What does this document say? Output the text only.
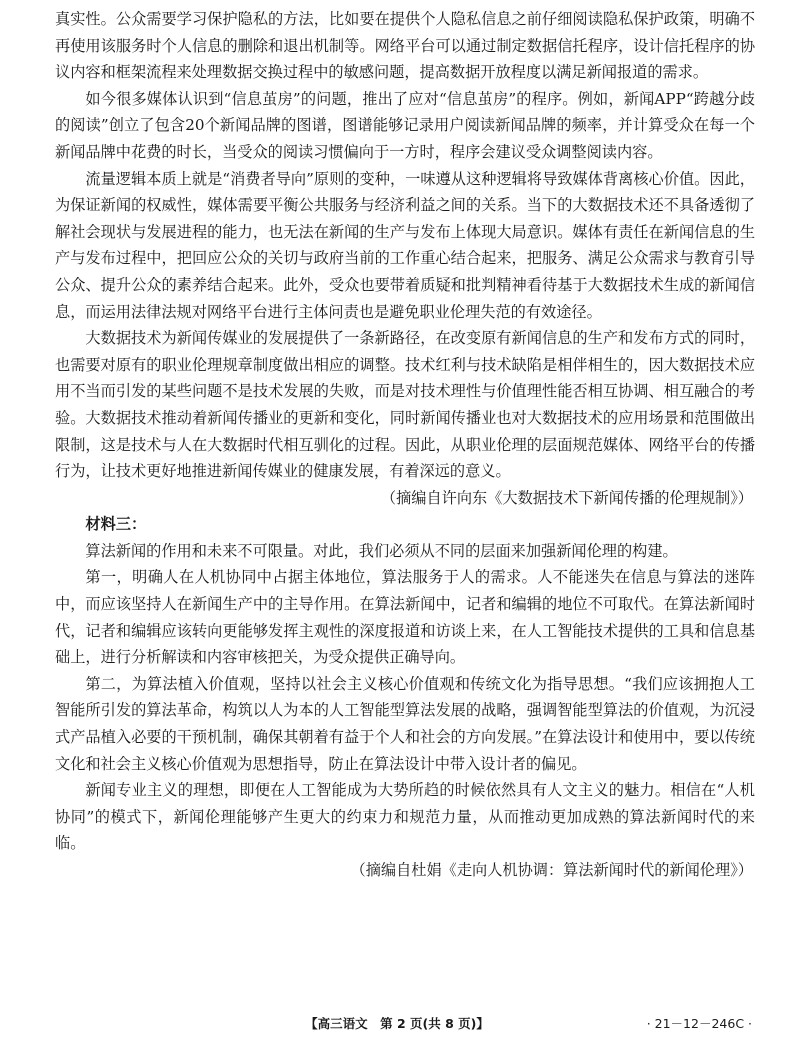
真实性。公众需要学习保护隐私的方法，比如要在提供个人隐私信息之前仔细阅读隐私保护政策，明确不再使用该服务时个人信息的删除和退出机制等。网络平台可以通过制定数据信托程序，设计信托程序的协议内容和框架流程来处理数据交换过程中的敏感问题，提高数据开放程度以满足新闻报道的需求。

如今很多媒体认识到“信息茧房”的问题，推出了应对“信息茧房”的程序。例如，新闻APP“跨越分歧的阅读”创立了包含20个新闻品牌的图谱，图谱能够记录用户阅读新闻品牌的频率，并计算受众在每一个新闻品牌中花费的时长，当受众的阅读习惯偏向于一方时，程序会建议受众调整阅读内容。

流量逻辑本质上就是“消费者导向”原则的变种，一味遵从这种逻辑将导致媒体背离核心价值。因此，为保证新闻的权威性，媒体需要平衡公共服务与经济利益之间的关系。当下的大数据技术还不具备透彻了解社会现状与发展进程的能力，也无法在新闻的生产与发布上体现大局意识。媒体有责任在新闻信息的生产与发布过程中，把回应公众的关切与政府当前的工作重心结合起来，把服务、满足公众需求与教育引导公众、提升公众的素养结合起来。此外，受众也要带着质疑和批判精神看待基于大数据技术生成的新闻信息，而运用法律法规对网络平台进行主体问责也是避免职业伦理失范的有效途径。

大数据技术为新闻传媒业的发展提供了一条新路径，在改变原有新闻信息的生产和发布方式的同时，也需要对原有的职业伦理规章制度做出相应的调整。技术红利与技术缺陷是相伴相生的，因大数据技术应用不当而引发的某些问题不是技术发展的失败，而是对技术理性与价值理性能否相互协调、相互融合的考验。大数据技术推动着新闻传播业的更新和变化，同时新闻传播业也对大数据技术的应用场景和范围做出限制，这是技术与人在大数据时代相互驯化的过程。因此，从职业伦理的层面规范媒体、网络平台的传播行为，让技术更好地推进新闻传媒业的健康发展，有着深远的意义。

（摘编自许向东《大数据技术下新闻传播的伦理规制》）

材料三：

算法新闻的作用和未来不可限量。对此，我们必须从不同的层面来加强新闻伦理的构建。

第一，明确人在人机协同中占据主体地位，算法服务于人的需求。人不能迷失在信息与算法的迷阵中，而应该坚持人在新闻生产中的主导作用。在算法新闻中，记者和编辑的地位不可取代。在算法新闻时代，记者和编辑应该转向更能够发挥主观性的深度报道和访谈上来，在人工智能技术提供的工具和信息基础上，进行分析解读和内容审核把关，为受众提供正确导向。

第二，为算法植入价值观，坚持以社会主义核心价值观和传统文化为指导思想。“我们应该拥抱人工智能所引发的算法革命，构筑以人为本的人工智能型算法发展的战略，强调智能型算法的价值观，为沉浸式产品植入必要的干预机制，确保其朝着有益于个人和社会的方向发展。”在算法设计和使用中，要以传统文化和社会主义核心价值观为思想指导，防止在算法设计中带入设计者的偏见。

新闻专业主义的理想，即便在人工智能成为大势所趋的时候依然具有人文主义的魅力。相信在“人机协同”的模式下，新闻伦理能够产生更大的约束力和规范力量，从而推动更加成熟的算法新闻时代的来临。

（摘编自杜娟《走向人机协调：算法新闻时代的新闻伦理》）

【高三语文　第 2 页(共 8 页)】	· 21－12－246C ·
